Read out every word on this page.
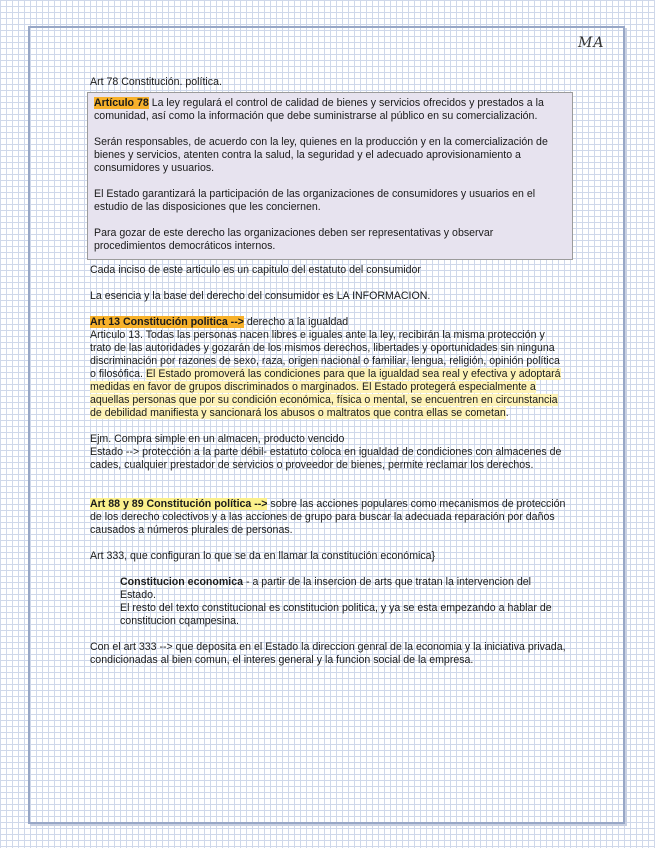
MA

Art 78 Constitución. política.

Artículo 78 La ley regulará el control de calidad de bienes y servicios ofrecidos y prestados a la comunidad, así como la información que debe suministrarse al público en su comercialización.

Serán responsables, de acuerdo con la ley, quienes en la producción y en la comercialización de bienes y servicios, atenten contra la salud, la seguridad y el adecuado aprovisionamiento a consumidores y usuarios.

El Estado garantizará la participación de las organizaciones de consumidores y usuarios en el estudio de las disposiciones que les conciernen.

Para gozar de este derecho las organizaciones deben ser representativas y observar procedimientos democráticos internos.

Cada inciso de este articulo es un capitulo del estatuto del consumidor

La esencia y la base del derecho del consumidor es LA INFORMACION.

Art 13 Constitución politica --> derecho a la igualdad

Articulo 13. Todas las personas nacen libres e iguales ante la ley, recibirán la misma protección y trato de las autoridades y gozarán de los mismos derechos, libertades y oportunidades sin ninguna discriminación por razones de sexo, raza, origen nacional o familiar, lengua, religión, opinión política o filosófica. El Estado promoverá las condiciones para que la igualdad sea real y efectiva y adoptará medidas en favor de grupos discriminados o marginados. El Estado protegerá especialmente a aquellas personas que por su condición económica, física o mental, se encuentren en circunstancia de debilidad manifiesta y sancionará los abusos o maltratos que contra ellas se cometan.

Ejm. Compra simple en un almacen, producto vencido

Estado --> protección a la parte débil- estatuto coloca en igualdad de condiciones con almacenes de cades, cualquier prestador de servicios o proveedor de bienes, permite reclamar los derechos.

Art 88 y 89 Constitución política --> sobre las acciones populares como mecanismos de protección de los derecho colectivos y a las acciones de grupo para buscar la adecuada reparación por daños causados a números plurales de personas.

Art 333, que configuran lo que se da en llamar la constitución económica}

Constitucion economica - a partir de la insercion de arts que tratan la intervencion del Estado.

El resto del texto constitucional es constitucion politica, y ya se esta empezando a hablar de constitucion cqampesina.

Con el art 333 --> que deposita en el Estado la direccion genral de la economia y la iniciativa privada, condicionadas al bien comun, el interes general y la funcion social de la empresa.
